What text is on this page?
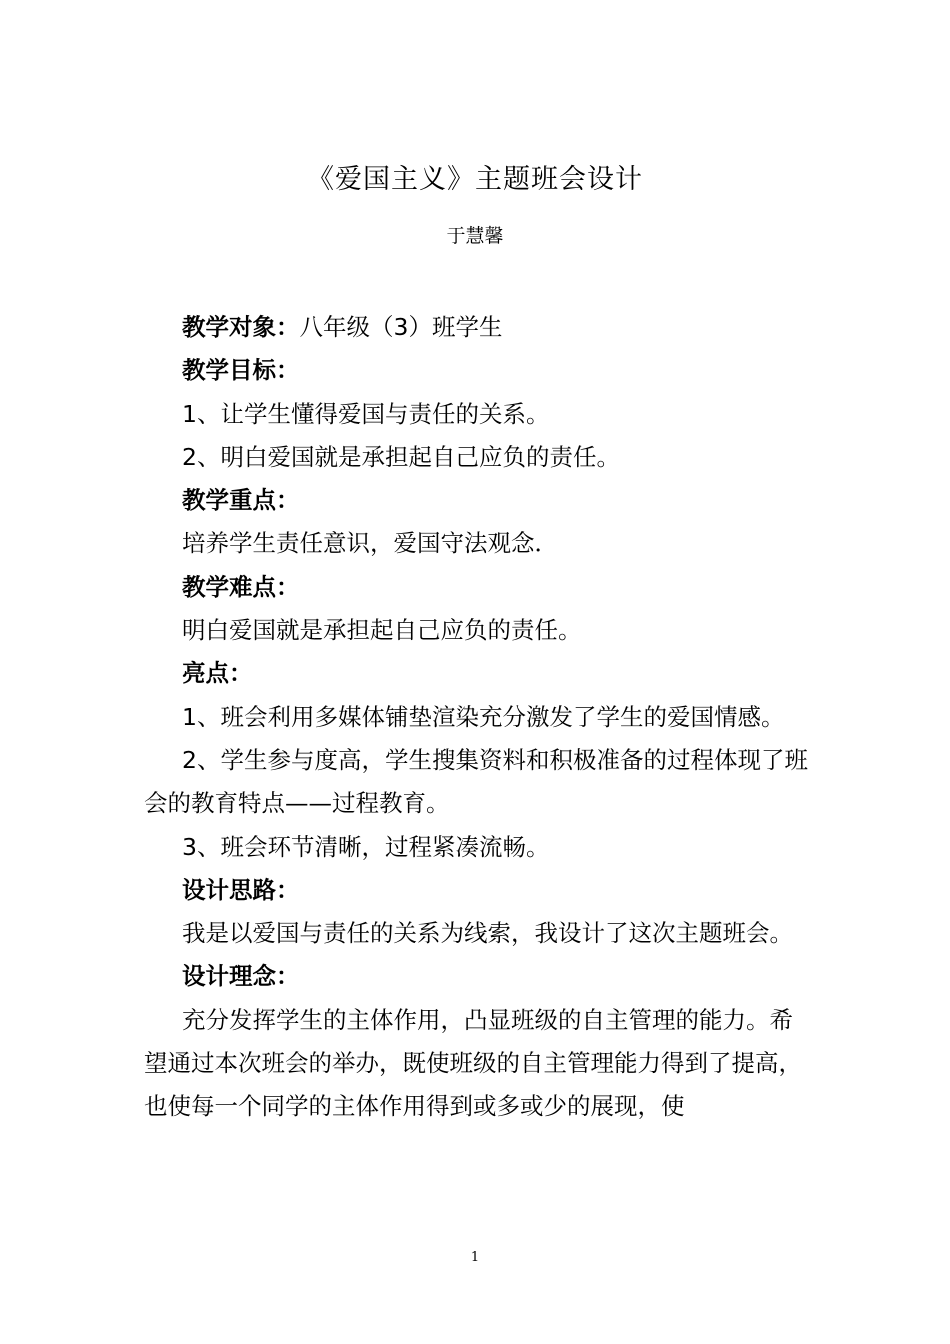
《爱国主义》主题班会设计
于慧馨

教学对象：八年级（3）班学生

教学目标：

1、让学生懂得爱国与责任的关系。

2、明白爱国就是承担起自己应负的责任。

教学重点：

培养学生责任意识，爱国守法观念．

教学难点：

明白爱国就是承担起自己应负的责任。

亮点：

1、班会利用多媒体铺垫渲染充分激发了学生的爱国情感。

2、学生参与度高，学生搜集资料和积极准备的过程体现了班会的教育特点——过程教育。

3、班会环节清晰，过程紧凑流畅。

设计思路：

我是以爱国与责任的关系为线索，我设计了这次主题班会。

设计理念：

充分发挥学生的主体作用，凸显班级的自主管理的能力。希望通过本次班会的举办，既使班级的自主管理能力得到了提高，也使每一个同学的主体作用得到或多或少的展现，使

1
